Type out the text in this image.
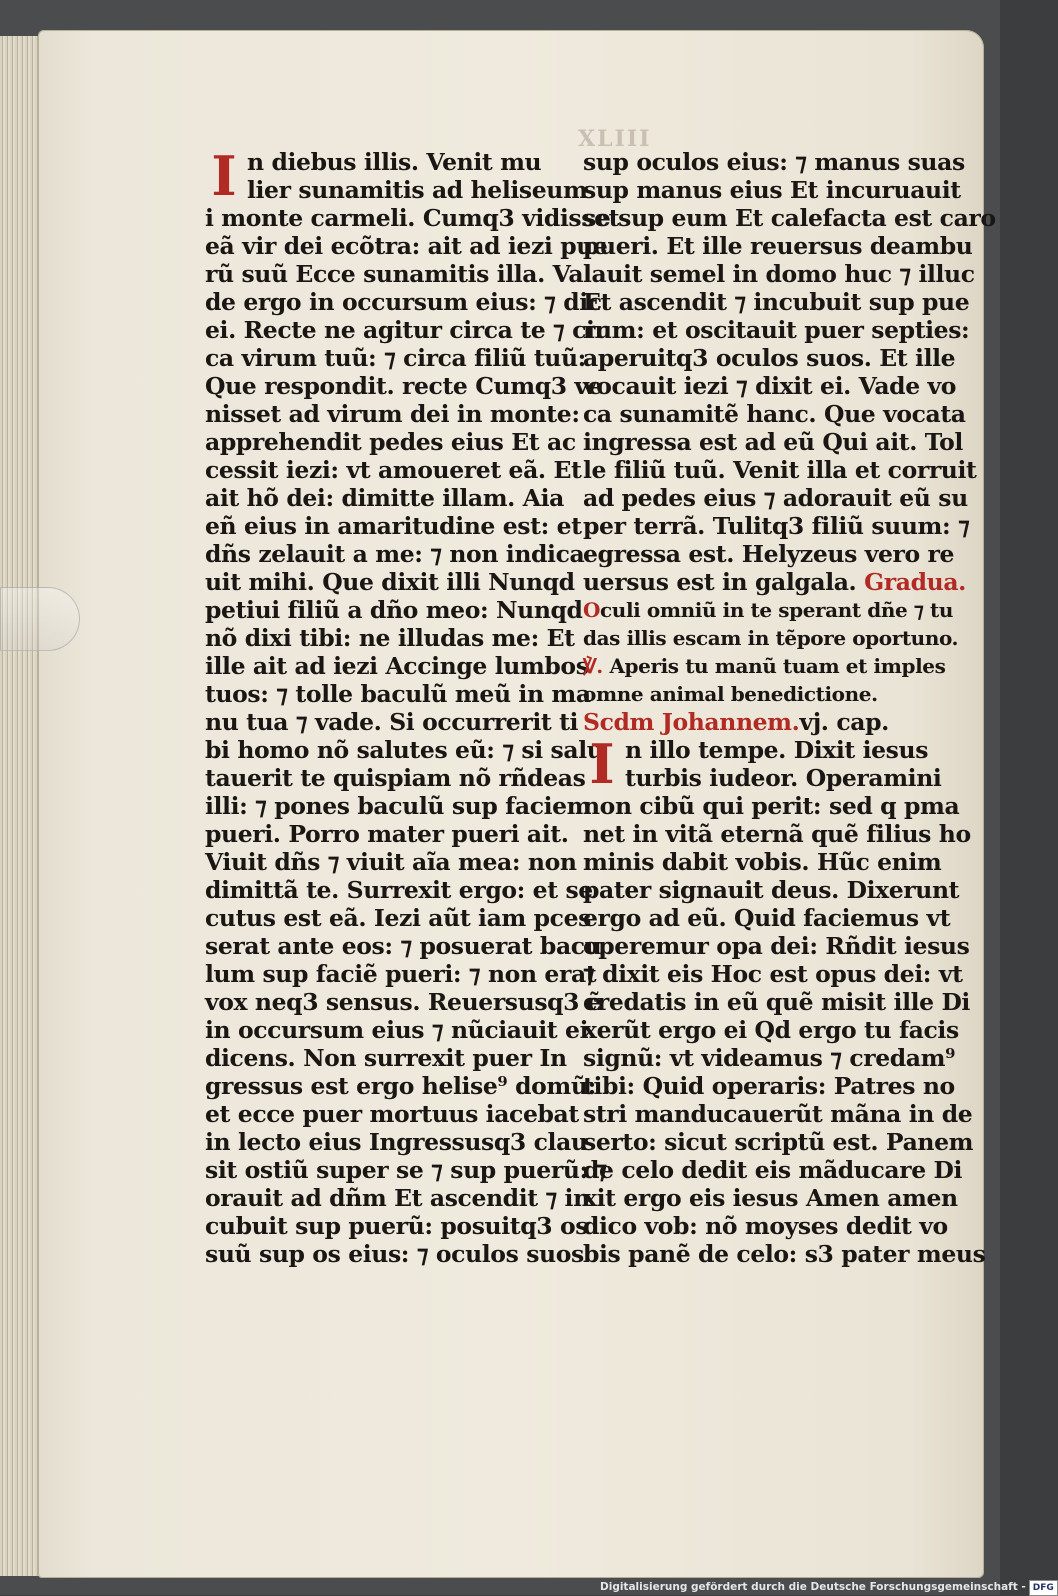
XLIII
I n diebus illis. Venit mu
lier sunamitis ad heliseum
i monte carmeli. Cumq3 vidisset
eã vir dei ecõtra: ait ad iezi pue
rũ suũ Ecce sunamitis illa. Va
de ergo in occursum eius: ⁊ dic
ei. Recte ne agitur circa te ⁊ cir
ca virum tuũ: ⁊ circa filiũ tuũ:
Que respondit. recte Cumq3 ve
nisset ad virum dei in monte:
apprehendit pedes eius Et ac
cessit iezi: vt amoueret eã. Et
ait hõ dei: dimitte illam. Aia
eñ eius in amaritudine est: et
dñs zelauit a me: ⁊ non indica
uit mihi. Que dixit illi Nunqd
petiui filiũ a dño meo: Nunqd
nõ dixi tibi: ne illudas me: Et
ille ait ad iezi Accinge lumbos
tuos: ⁊ tolle baculũ meũ in ma
nu tua ⁊ vade. Si occurrerit ti
bi homo nõ salutes eũ: ⁊ si salu
tauerit te quispiam nõ rñdeas
illi: ⁊ pones baculũ sup faciem
pueri. Porro mater pueri ait.
Viuit dñs ⁊ viuit aĩa mea: non
dimittã te. Surrexit ergo: et se
cutus est eã. Iezi aũt iam pces
serat ante eos: ⁊ posuerat bacu
lum sup faciẽ pueri: ⁊ non erat
vox neq3 sensus. Reuersusq3 ẽ
in occursum eius ⁊ nũciauit ei
dicens. Non surrexit puer In
gressus est ergo helise⁹ domũ:
et ecce puer mortuus iacebat
in lecto eius Ingressusq3 clau
sit ostiũ super se ⁊ sup puerũ: ⁊
orauit ad dñm Et ascendit ⁊ in
cubuit sup puerũ: posuitq3 os
suũ sup os eius: ⁊ oculos suos
sup oculos eius: ⁊ manus suas
sup manus eius Et incuruauit
se sup eum Et calefacta est caro
pueri. Et ille reuersus deambu
lauit semel in domo huc ⁊ illuc
Et ascendit ⁊ incubuit sup pue
rum: et oscitauit puer septies:
aperuitq3 oculos suos. Et ille
vocauit iezi ⁊ dixit ei. Vade vo
ca sunamitẽ hanc. Que vocata
ingressa est ad eũ Qui ait. Tol
le filiũ tuũ. Venit illa et corruit
ad pedes eius ⁊ adorauit eũ su
per terrã. Tulitq3 filiũ suum: ⁊
egressa est. Helyzeus vero re
uersus est in galgala. Gradua.
Oculi omniũ in te sperant dñe ⁊ tu
das illis escam in tẽpore oportuno.
℣. Aperis tu manũ tuam et imples
omne animal benedictione.
Scdm Johannem.vj. cap.
I n illo tempe. Dixit iesus
turbis iudeor. Operamini
non cibũ qui perit: sed q pma
net in vitã eternã quẽ filius ho
minis dabit vobis. Hũc enim
pater signauit deus. Dixerunt
ergo ad eũ. Quid faciemus vt
operemur opa dei: Rñdit iesus
⁊ dixit eis Hoc est opus dei: vt
credatis in eũ quẽ misit ille Di
xerũt ergo ei Qd ergo tu facis
signũ: vt videamus ⁊ credam⁹
tibi: Quid operaris: Patres no
stri manducauerũt mãna in de
serto: sicut scriptũ est. Panem
de celo dedit eis mãducare Di
xit ergo eis iesus Amen amen
dico vob: nõ moyses dedit vo
bis panẽ de celo: s3 pater meus
Digitalisierung gefördert durch die Deutsche Forschungsgemeinschaft - DFG
